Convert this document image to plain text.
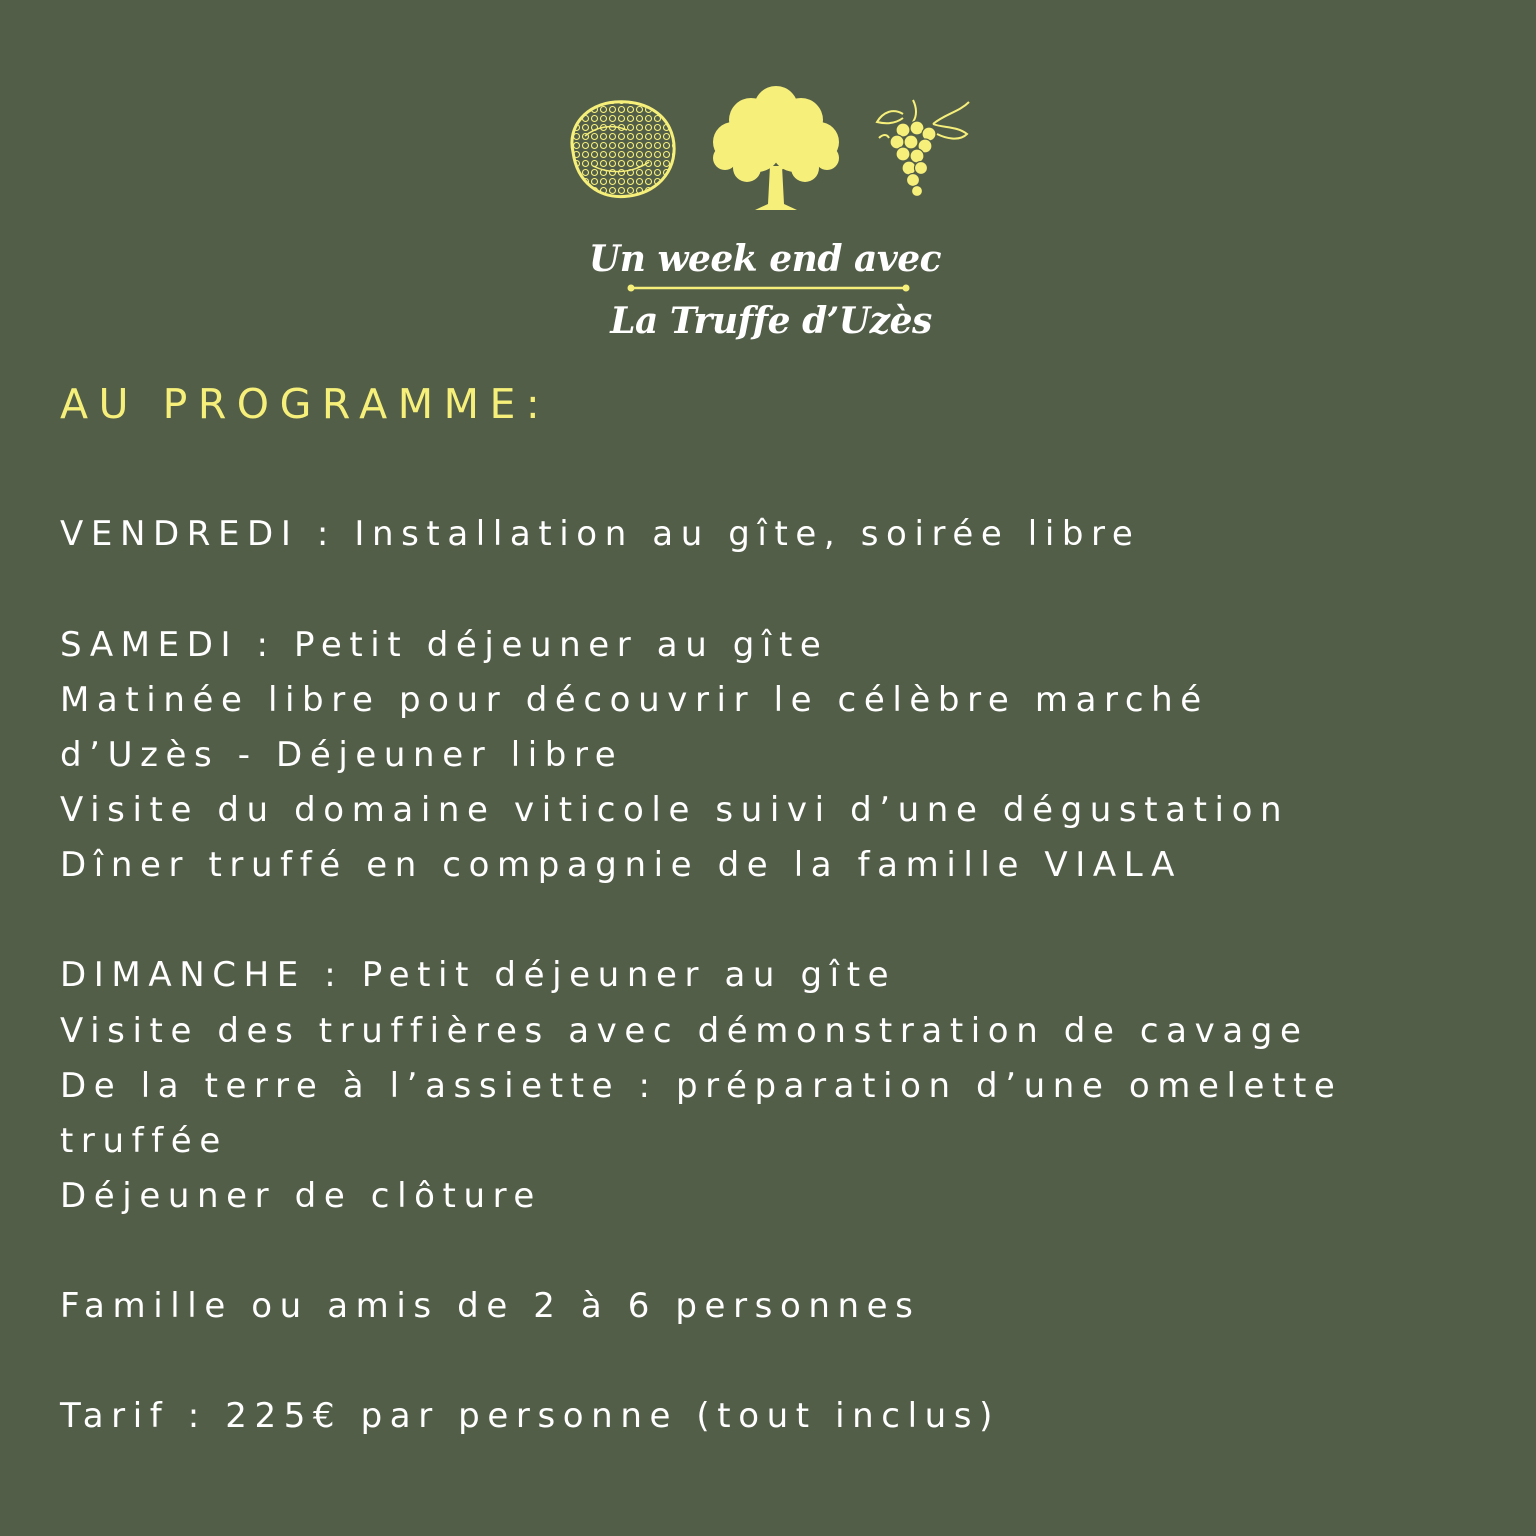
Un week end avec
La Truffe d’Uzès
AU PROGRAMME:
VENDREDI : Installation au gîte, soirée libre
SAMEDI : Petit déjeuner au gîte
Matinée libre pour découvrir le célèbre marché
d’Uzès - Déjeuner libre
Visite du domaine viticole suivi d’une dégustation
Dîner truffé en compagnie de la famille VIALA
DIMANCHE : Petit déjeuner au gîte
Visite des truffières avec démonstration de cavage
De la terre à l’assiette : préparation d’une omelette
truffée
Déjeuner de clôture
Famille ou amis de 2 à 6 personnes
Tarif : 225€ par personne (tout inclus)
